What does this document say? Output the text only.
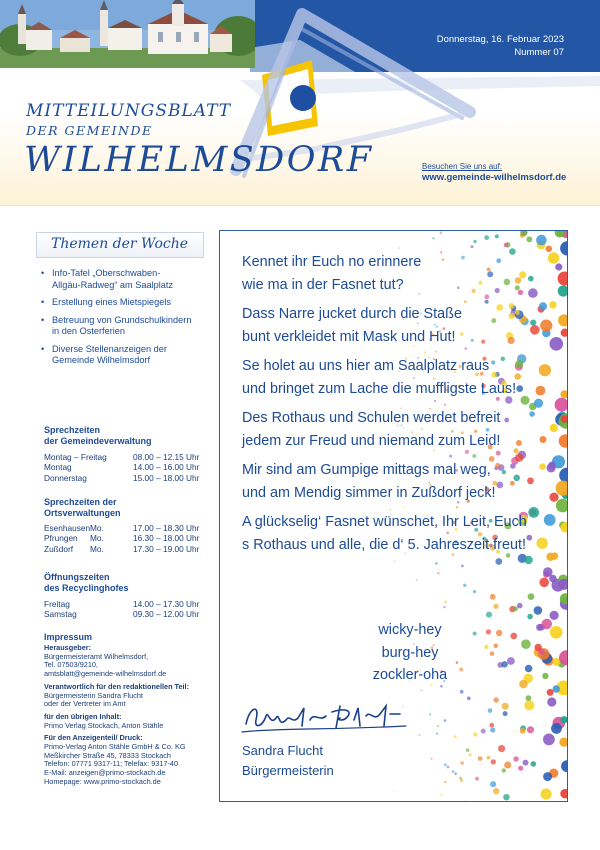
Donnerstag, 16. Februar 2023
Nummer 07
MITTEILUNGSBLATT
DER GEMEINDE
WILHELMSDORF	Besuchen Sie uns auf:
www.gemeinde-wilhelmsdorf.de
Themen der Woche
• Info-Tafel „Oberschwaben-
Allgäu-Radweg“ am Saalplatz
• Erstellung eines Mietspiegels
• Betreuung von Grundschulkindern
in den Osterferien
• Diverse Stellenanzeigen der
Gemeinde Wilhelmsdorf
Sprechzeiten
der Gemeindeverwaltung
Montag – Freitag	08.00 – 12.15 Uhr
Montag	14.00 – 16.00 Uhr
Donnerstag	15.00 – 18.00 Uhr
Sprechzeiten der
Ortsverwaltungen
Esenhausen Mo.	17.00 – 18.30 Uhr
Pfrungen Mo.	16.30 – 18.00 Uhr
Zußdorf Mo.	17.30 – 19.00 Uhr
Öffnungszeiten
des Recyclinghofes
Freitag	14.00 – 17.30 Uhr
Samstag	09.30 – 12.00 Uhr
Impressum
Herausgeber:
Bürgermeisteramt Wilhelmsdorf,
Tel. 07503/9210,
amtsblatt@gemeinde-wilhelmsdorf.de
Verantwortlich für den redaktionellen Teil:
Bürgermeisterin Sandra Flucht
oder der Vertreter im Amt
für den übrigen Inhalt:
Primo Verlag Stockach, Anton Stähle
Für den Anzeigenteil/ Druck:
Primo-Verlag Anton Stähle GmbH & Co. KG
Meßkircher Straße 45, 78333 Stockach
Telefon: 07771 9317-11; Telefax: 9317-40
E-Mail: anzeigen@primo-stockach.de
Homepage: www.primo-stockach.de
Kennet ihr Euch no erinnere
wie ma in der Fasnet tut?
Dass Narre jucket durch die Staße
bunt verkleidet mit Mask und Hut!
Se holet au uns hier am Saalplatz raus
und bringet zum Lache die muffligste Laus!
Des Rothaus und Schulen werdet befreit
jedem zur Freud und niemand zum Leid!
Mir sind am Gumpige mittags mal weg,
und am Mendig simmer in Zußdorf jeck!
A glückselig‘ Fasnet wünschet, Ihr Leit, Euch
s Rothaus und alle, die d‘ 5. Jahreszeit freut!
wicky-hey
burg-hey
zockler-oha
Sandra Flucht
Bürgermeisterin
